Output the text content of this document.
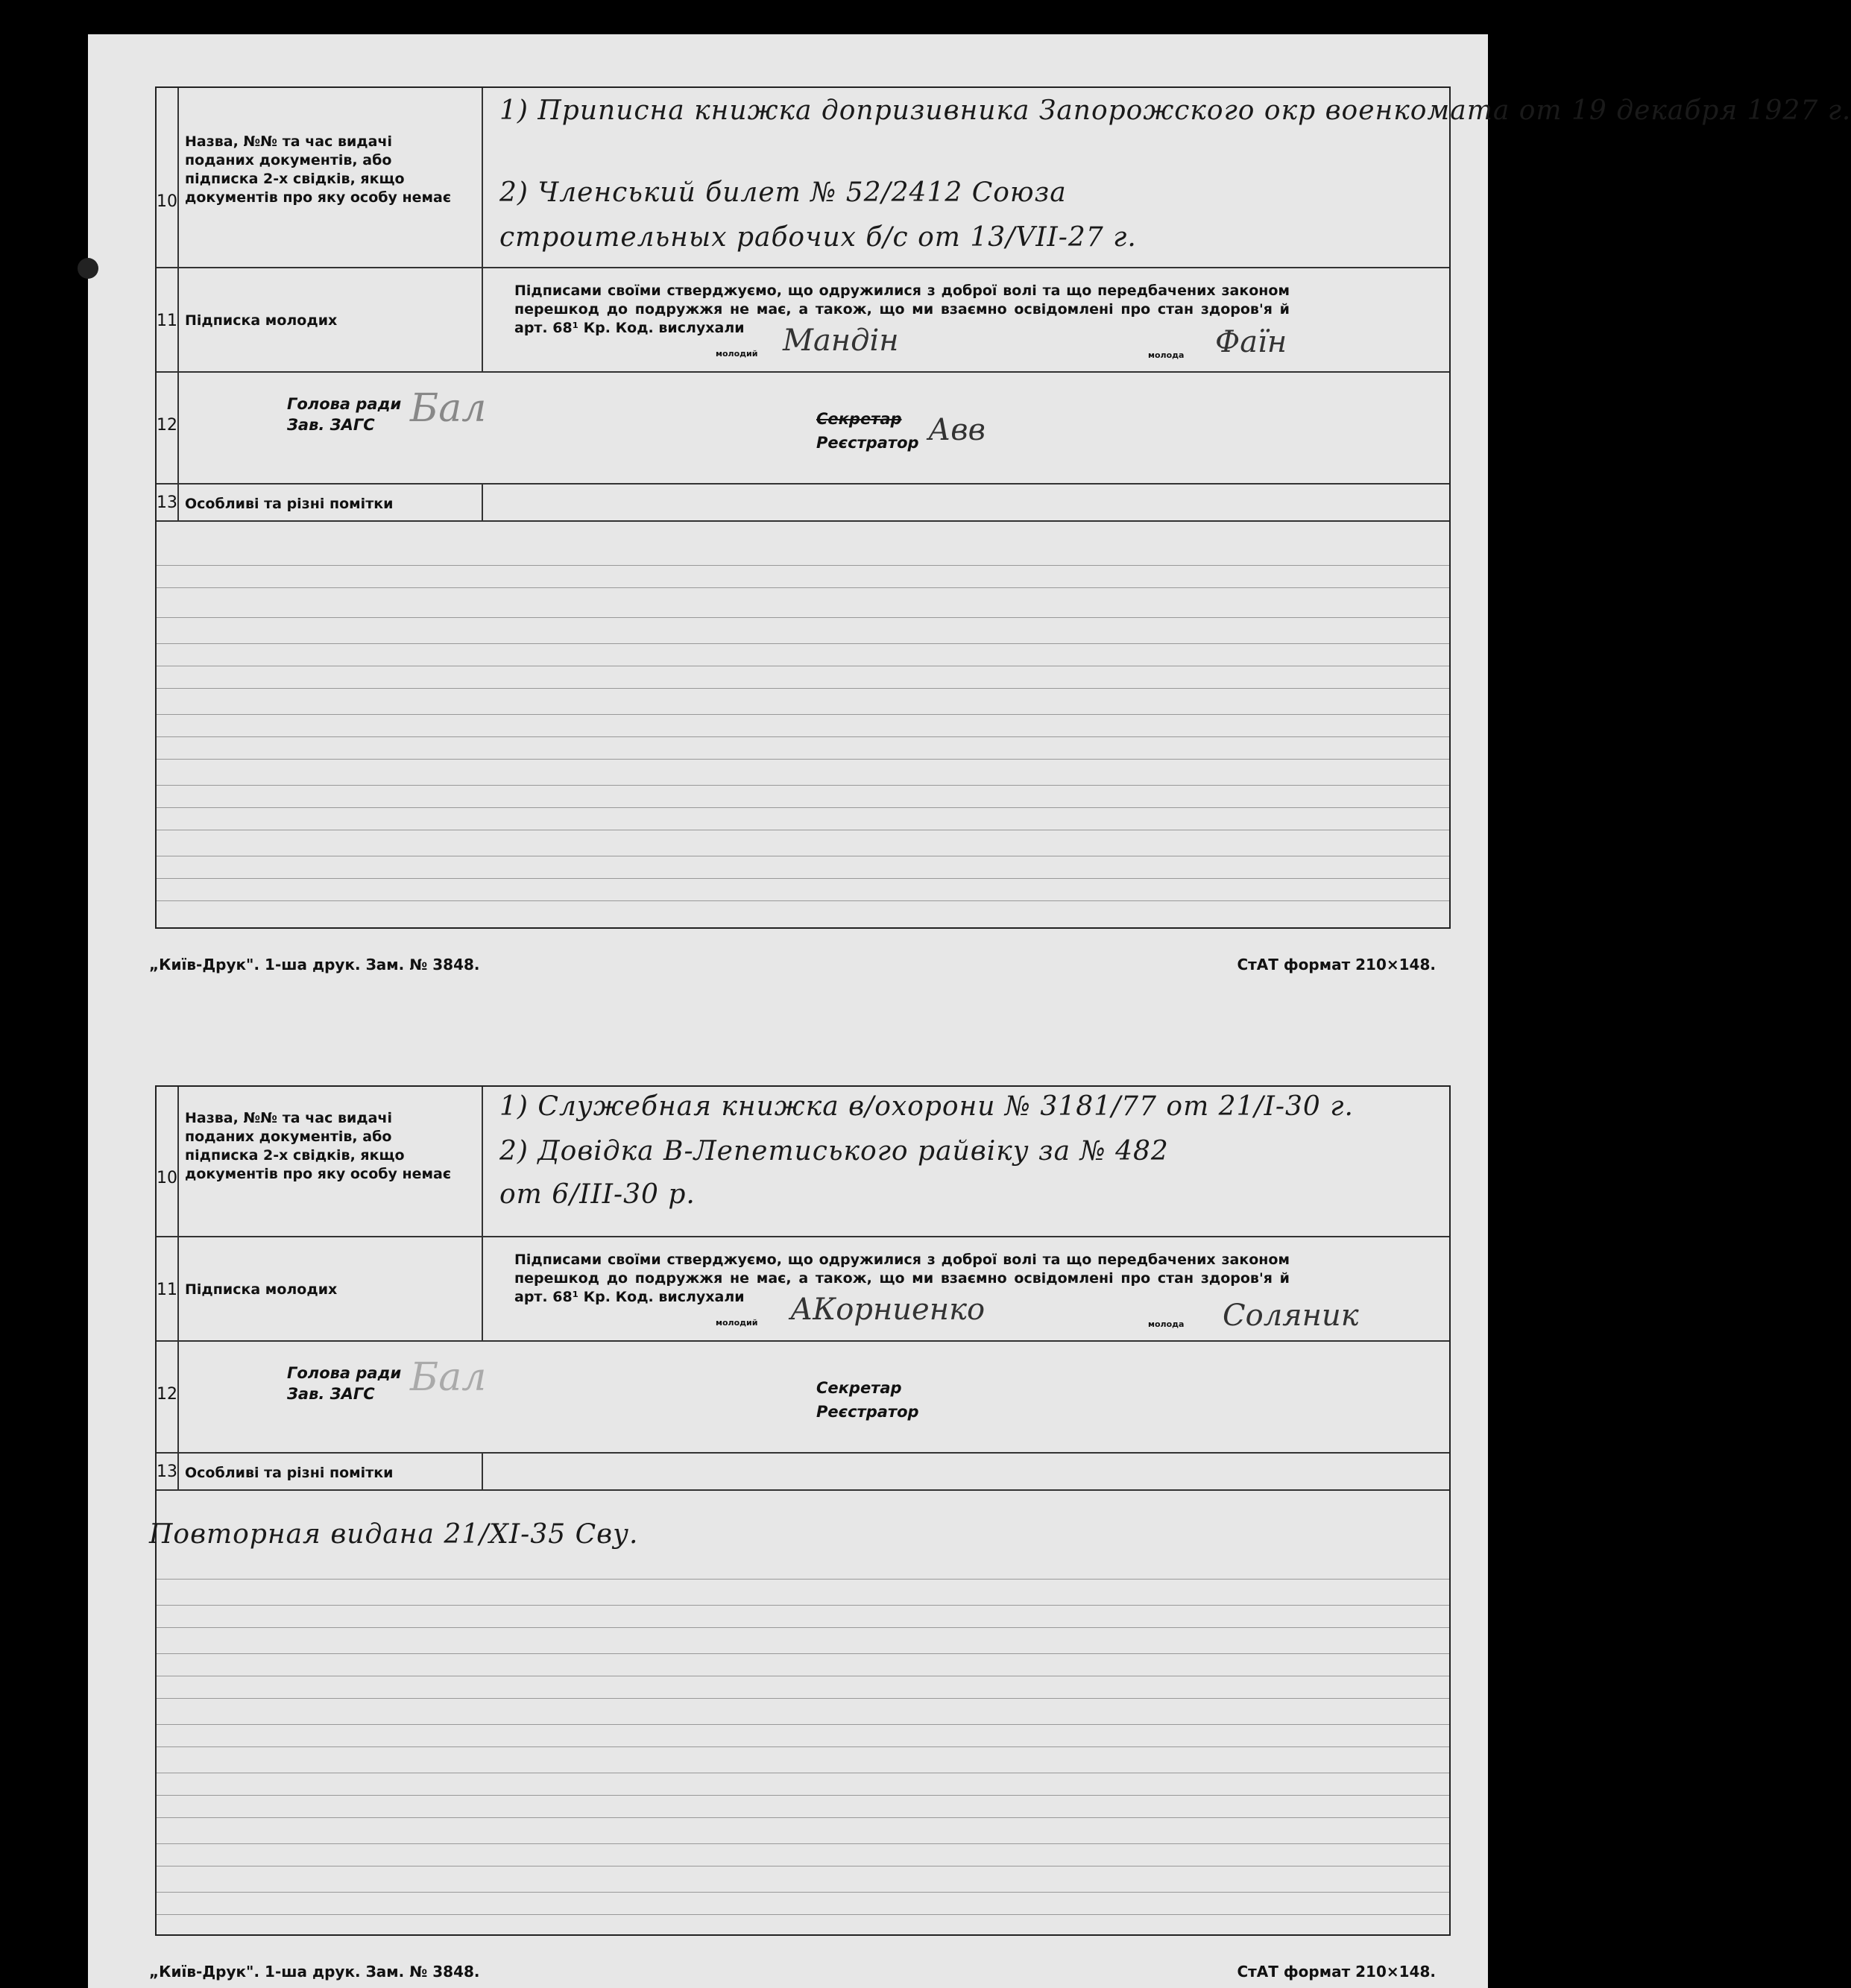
10
Назва, №№ та час видачі поданих документів, або підписка 2-х свідків, якщо документів про яку особу немає
1) Приписна книжка допризивника Запорожского окр военкомата от 19 декабря 1927 г.
2) Членський билет № 52/2412 Союза
строительных рабочих б/с от 13/VII-27 г.
11 Підписка молодих
Підписами своїми стверджуємо, що одружилися з доброї волі та що передбачених законом перешкод до подружжя не має, а також, що ми взаємно освідомлені про стан здоров'я й арт. 68¹ Кр. Код. вислухали
молодий Мандін	молода Фаїн
12
Голова ради
Зав. ЗАГС Бал	Секретар
Реєстратор Авв
13 Особливі та різні помітки
„Київ-Друк". 1-ша друк. Зам. № 3848.	СтАТ формат 210×148.
10
Назва, №№ та час видачі поданих документів, або підписка 2-х свідків, якщо документів про яку особу немає
1) Служебная книжка в/охорони № 3181/77 от 21/I-30 г.
2) Довідка В-Лепетиського райвіку за № 482
от 6/III-30 р.
11 Підписка молодих
Підписами своїми стверджуємо, що одружилися з доброї волі та що передбачених законом перешкод до подружжя не має, а також, що ми взаємно освідомлені про стан здоров'я й арт. 68¹ Кр. Код. вислухали
молодий АКорниенко	молода Соляник
12
Голова ради
Зав. ЗАГС Бал	Секретар
Реєстратор
13 Особливі та різні помітки
Повторная видана 21/XI-35 Сву.
„Київ-Друк". 1-ша друк. Зам. № 3848.	СтАТ формат 210×148.
